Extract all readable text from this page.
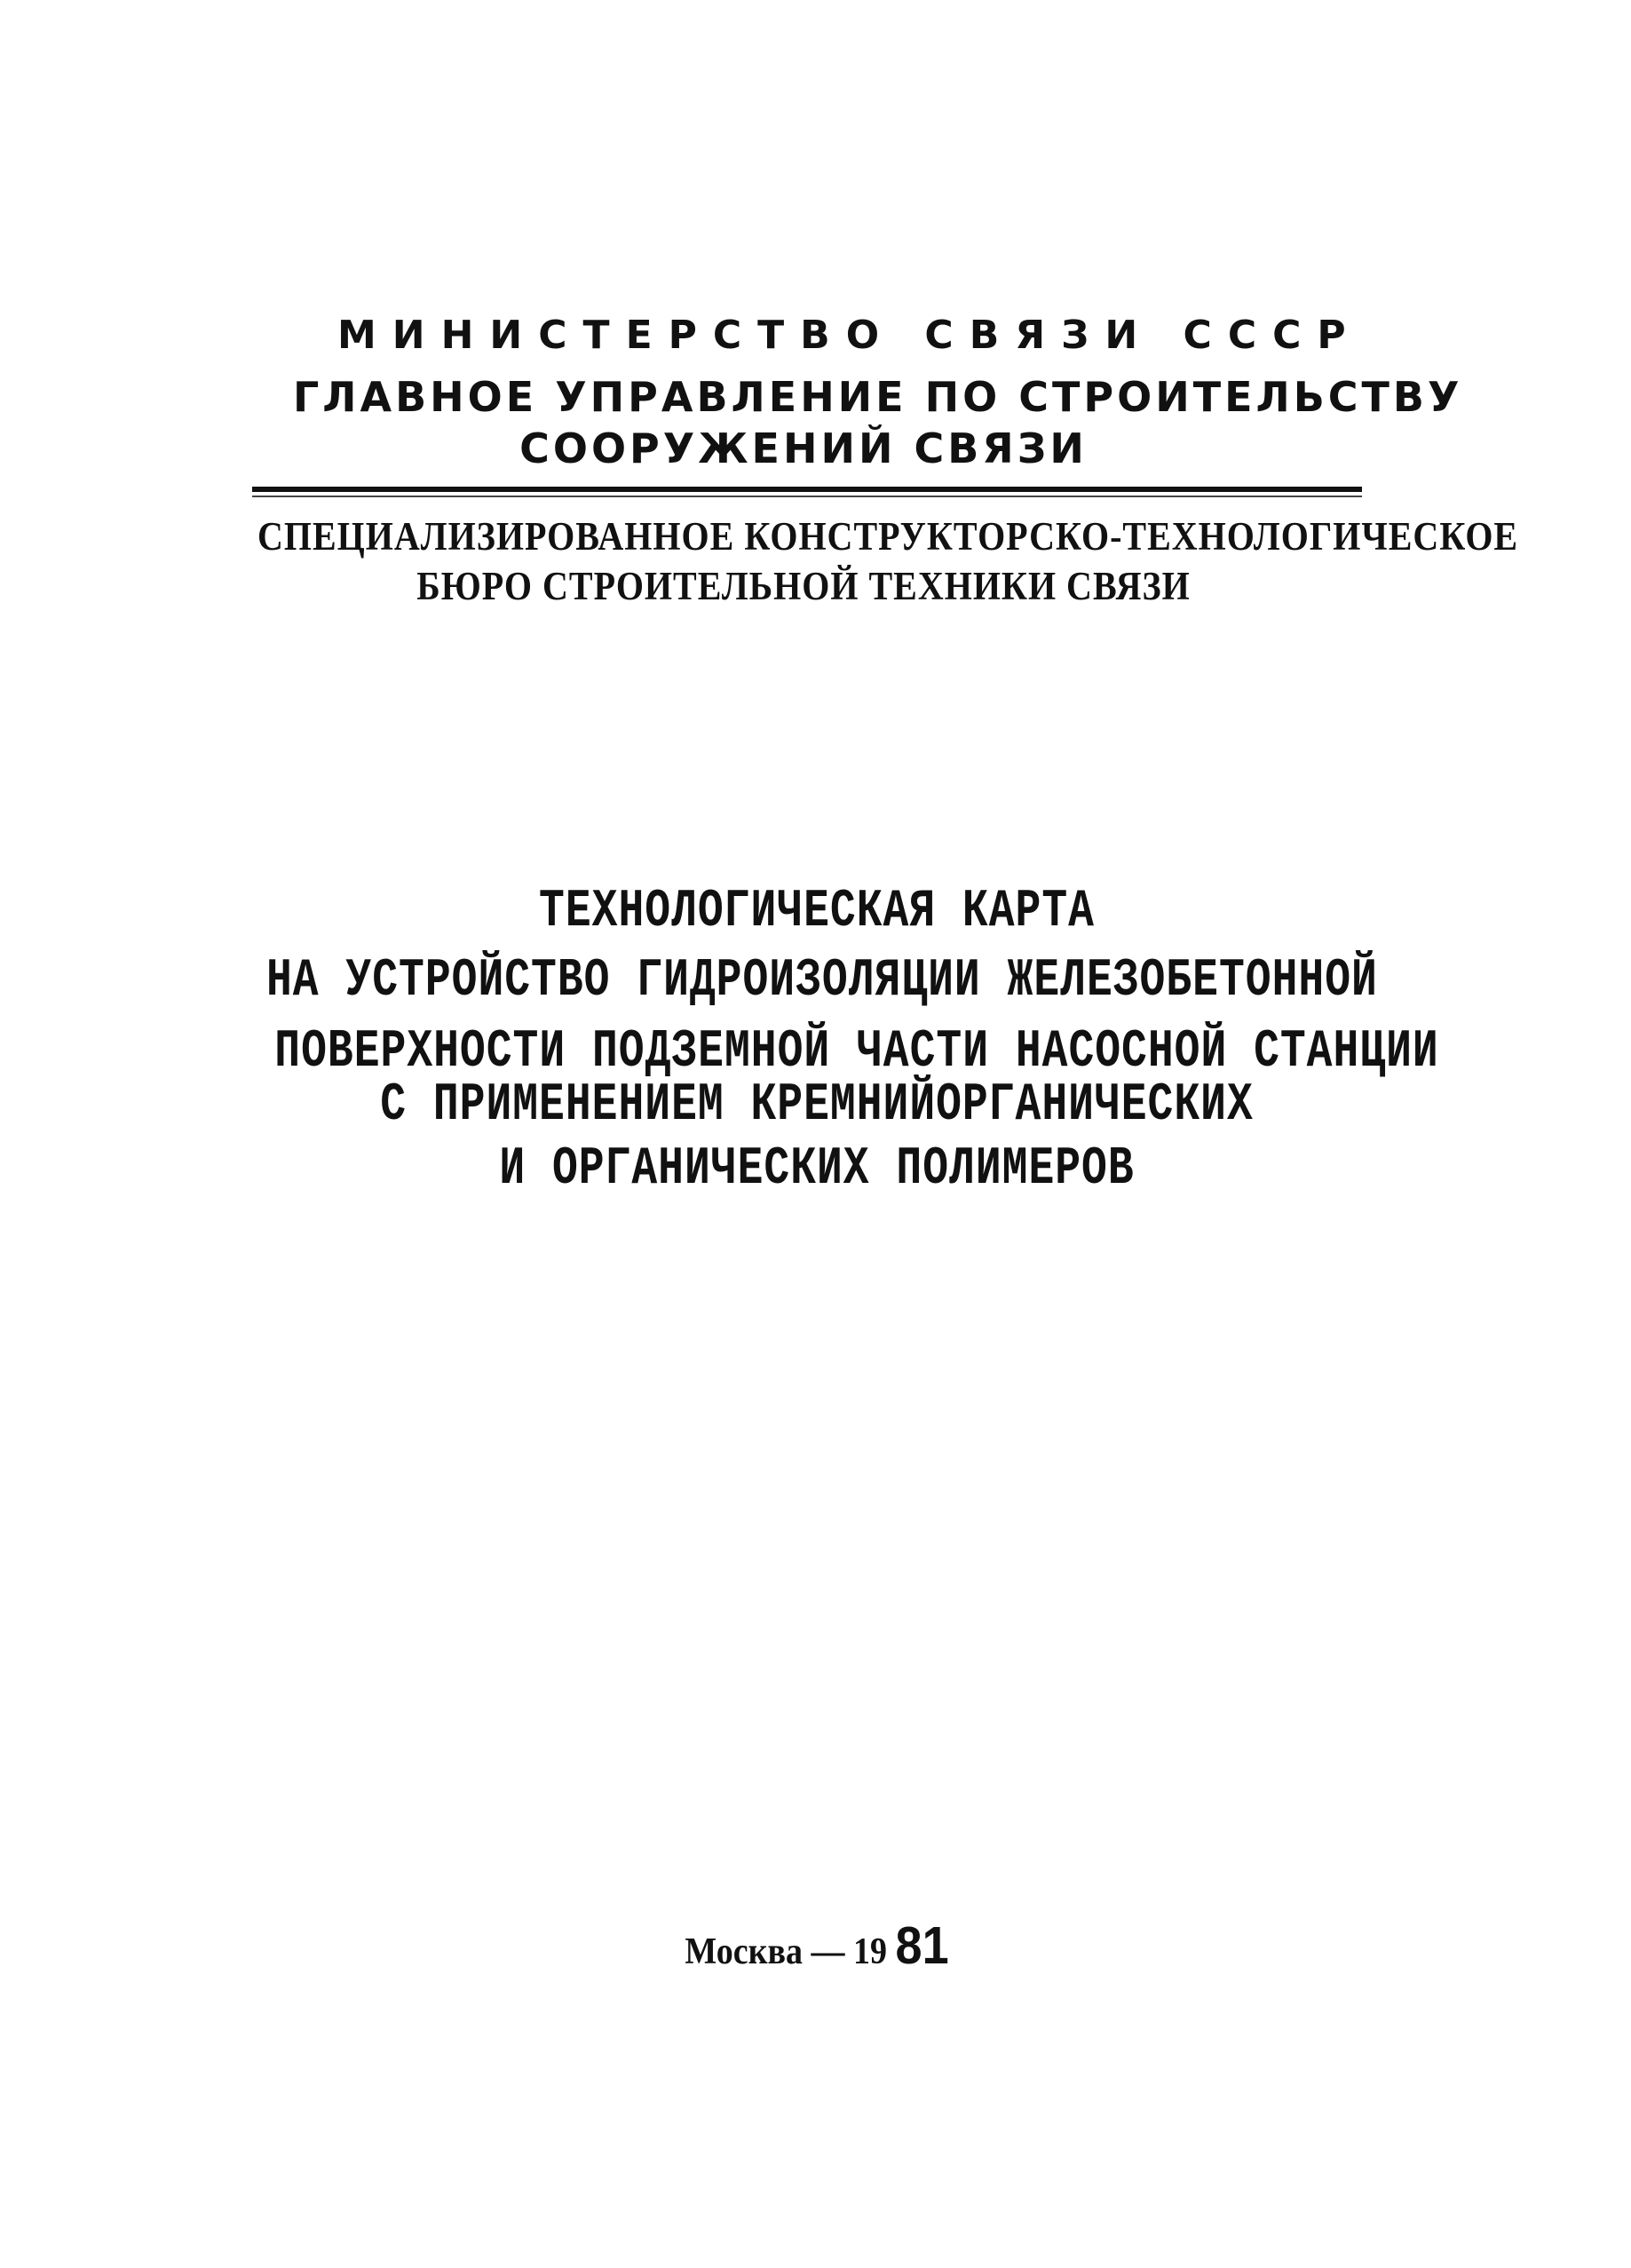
МИНИСТЕРСТВО СВЯЗИ СССР
ГЛАВНОЕ УПРАВЛЕНИЕ ПО СТРОИТЕЛЬСТВУ
СООРУЖЕНИЙ СВЯЗИ
СПЕЦИАЛИЗИРОВАННОЕ КОНСТРУКТОРСКО-ТЕХНОЛОГИЧЕСКОЕ
БЮРО СТРОИТЕЛЬНОЙ ТЕХНИКИ СВЯЗИ
ТЕХНОЛОГИЧЕСКАЯ КАРТА
НА УСТРОЙСТВО ГИДРОИЗОЛЯЦИИ ЖЕЛЕЗОБЕТОННОЙ
ПОВЕРХНОСТИ ПОДЗЕМНОЙ ЧАСТИ НАСОСНОЙ СТАНЦИИ
С ПРИМЕНЕНИЕМ КРЕМНИЙОРГАНИЧЕСКИХ
И ОРГАНИЧЕСКИХ ПОЛИМЕРОВ
Москва — 19 81
